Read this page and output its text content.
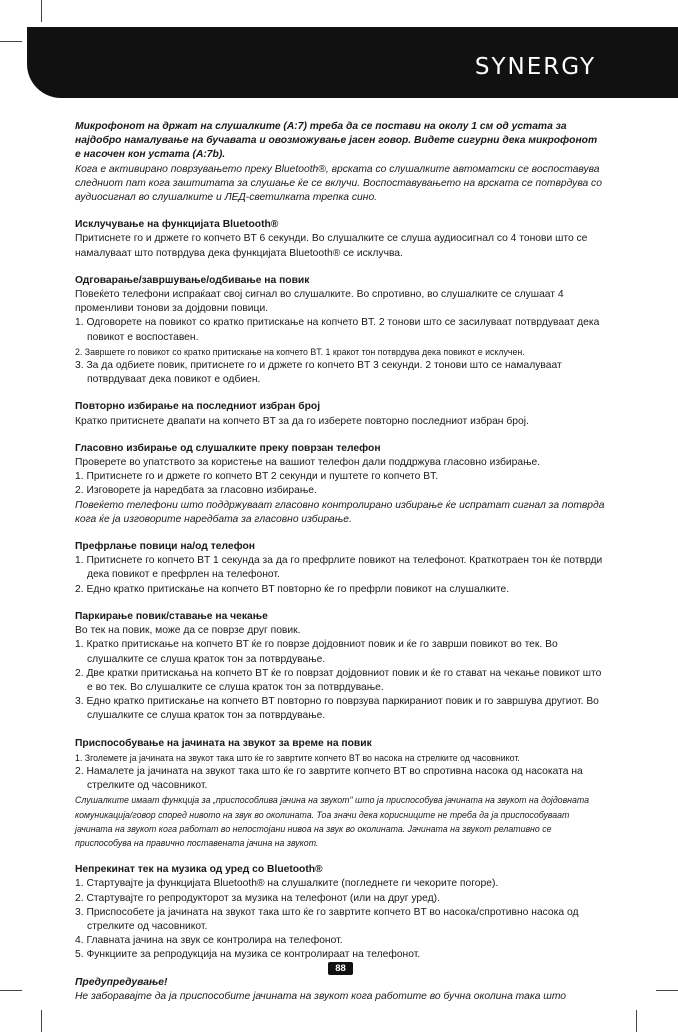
SYNERGY

Микрофонот на држат на слушалките (А:7) треба да се постави на околу 1 см од устата за најдобро намалување на бучавата и овозможување јасен говор. Видете сигурни дека микрофонот е насочен кон устата (А:7b).

Кога е активирано поврзувањето преку Bluetooth®, врската со слушалките автоматски се воспоставува следниот пат кога заштитата за слушање ќе се вклучи. Воспоставувањето на врската се потврдува со аудиосигнал во слушалките и ЛЕД-светилката трепка сино.

Исклучување на функцијата Bluetooth®

Притиснете го и држете го копчето BT 6 секунди. Во слушалките се слуша аудиосигнал со 4 тонови што се намалуваат што потврдува дека функцијата Bluetooth® се исклучва.

Одговарање/завршување/одбивање на повик

Повеќето телефони испраќаат свој сигнал во слушалките. Во спротивно, во слушалките се слушаат 4 променливи тонови за дојдовни повици.

1. Одговорете на повикот со кратко притискање на копчето BT. 2 тонови што се засилуваат потврдуваат дека повикот е воспоставен.

2. Завршете го повикот со кратко притискање на копчето BT. 1 кракот тон потврдува дека повикот е исклучен.

3. За да одбиете повик, притиснете го и држете го копчето BT 3 секунди. 2 тонови што се намалуваат потврдуваат дека повикот е одбиен.

Повторно избирање на последниот избран број

Кратко притиснете двапати на копчето BT за да го изберете повторно последниот избран број.

Гласовно избирање од слушалките преку поврзан телефон

Проверете во упатството за користење на вашиот телефон дали поддржува гласовно избирање.

1. Притиснете го и држете го копчето BT 2 секунди и пуштете го копчето BT.

2. Изговорете ја наредбата за гласовно избирање.

Повеќето телефони што поддржуваат гласовно контролирано избирање ќе испратат сигнал за потврда кога ќе ја изговорите наредбата за гласовно избирање.

Префрлање повици на/од телефон

1. Притиснете го копчето BT 1 секунда за да го префрлите повикот на телефонот. Краткотраен тон ќе потврди дека повикот е префрлен на телефонот.

2. Едно кратко притискање на копчето BT повторно ќе го префрли повикот на слушалките.

Паркирање повик/ставање на чекање

Во тек на повик, може да се поврзе друг повик.

1. Кратко притискање на копчето BT ќе го поврзе дојдовниот повик и ќе го заврши повикот во тек. Во слушалките се слуша краток тон за потврдување.

2. Две кратки притискања на копчето BT ќе го поврзат дојдовниот повик и ќе го стават на чекање повикот што е во тек. Во слушалките се слуша краток тон за потврдување.

3. Едно кратко притискање на копчето BT повторно го поврзува паркираниот повик и го завршува другиот. Во слушалките се слуша краток тон за потврдување.

Приспособување на јачината на звукот за време на повик

1. Зголемете ја јачината на звукот така што ќе го завртите копчето BT во насока на стрелките од часовникот.

2. Намалете ја јачината на звукот така што ќе го завртите копчето BT во спротивна насока од насоката на стрелките од часовникот.

Слушалките имаат функција за „приспособлива јачина на звукот" што ја приспособува јачината на звукот на дојдовната комуникација/говор според нивото на звук во околината. Тоа значи дека корисниците не треба да ја приспособуваат јачината на звукот кога работат во непостојани нивоа на звук во околината. Јачината на звукот релативно се приспособува на правично поставената јачина на звукот.

Непрекинат тек на музика од уред со Bluetooth®

1. Стартувајте ја функцијата Bluetooth® на слушалките (погледнете ги чекорите погоре).

2. Стартувајте го репродукторот за музика на телефонот (или на друг уред).

3. Приспособете ја јачината на звукот така што ќе го завртите копчето BT во насока/спротивно насока од стрелките од часовникот.

4. Главната јачина на звук се контролира на телефонот.

5. Функциите за репродукција на музика се контролираат на телефонот.

Предупредување!

Не заборавајте да ја приспособите јачината на звукот кога работите во бучна околина така што

88
